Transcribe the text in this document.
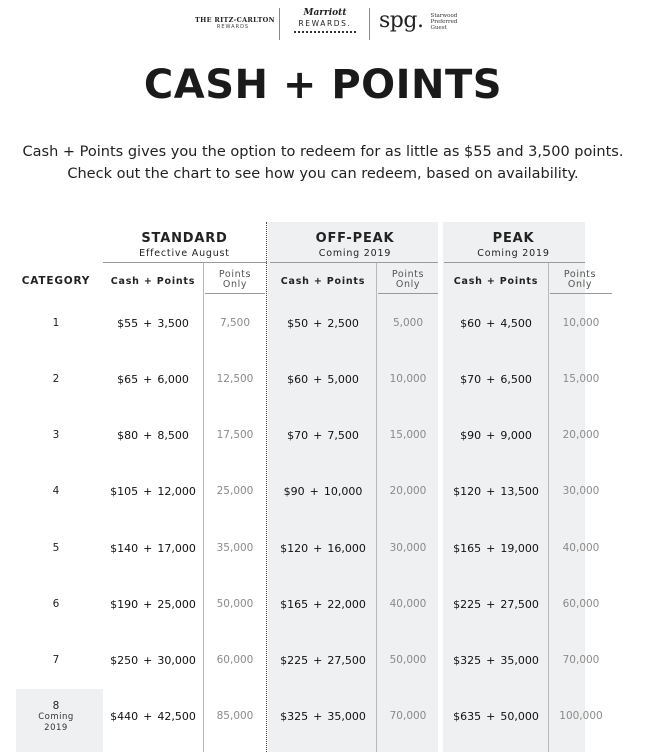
THE RITZ-CARLTON
REWARDS
Marriott
REWARDS.	spg. Starwood
Preferred
Guest
CASH + POINTS
Cash + Points gives you the option to redeem for as little as $55 and 3,500 points.
Check out the chart to see how you can redeem, based on availability.
STANDARD
Effective August
OFF-PEAK
Coming 2019
PEAK
Coming 2019
CATEGORY	Cash + Points
Points
Only	Cash + Points
Points
Only	Cash + Points
Points
Only
1	$55 + 3,500	7,500	$50 + 2,500	5,000	$60 + 4,500	10,000
2	$65 + 6,000	12,500	$60 + 5,000	10,000	$70 + 6,500	15,000
3	$80 + 8,500	17,500	$70 + 7,500	15,000	$90 + 9,000	20,000
4	$105 + 12,000	25,000	$90 + 10,000	20,000	$120 + 13,500	30,000
5	$140 + 17,000	35,000	$120 + 16,000	30,000	$165 + 19,000	40,000
6	$190 + 25,000	50,000	$165 + 22,000	40,000	$225 + 27,500	60,000
7	$250 + 30,000	60,000	$225 + 27,500	50,000	$325 + 35,000	70,000
8
Coming 2019
$440 + 42,500	85,000	$325 + 35,000	70,000	$635 + 50,000	100,000
